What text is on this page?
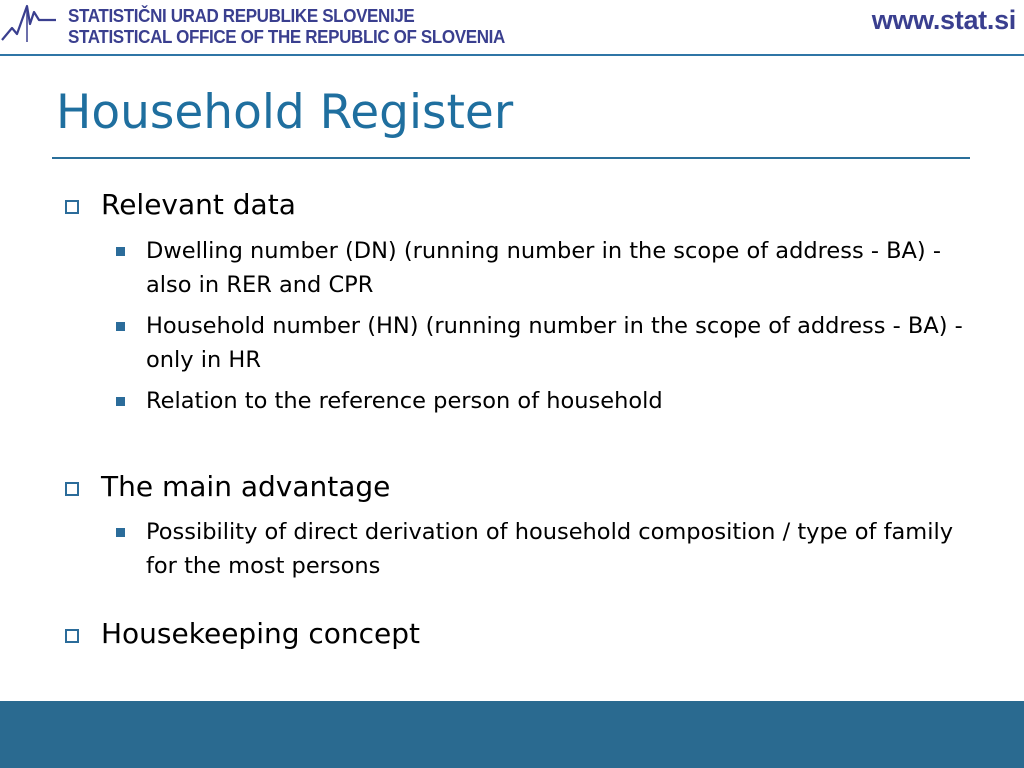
STATISTIČNI URAD REPUBLIKE SLOVENIJE
STATISTICAL OFFICE OF THE REPUBLIC OF SLOVENIA
www.stat.si
Household Register
Relevant data
Dwelling number (DN) (running number in the scope of address - BA) - also in RER and CPR
Household number (HN) (running number in the scope of address - BA) - only in HR
Relation to the reference person of household
The main advantage
Possibility of direct derivation of household composition / type of family for the most persons
Housekeeping concept
